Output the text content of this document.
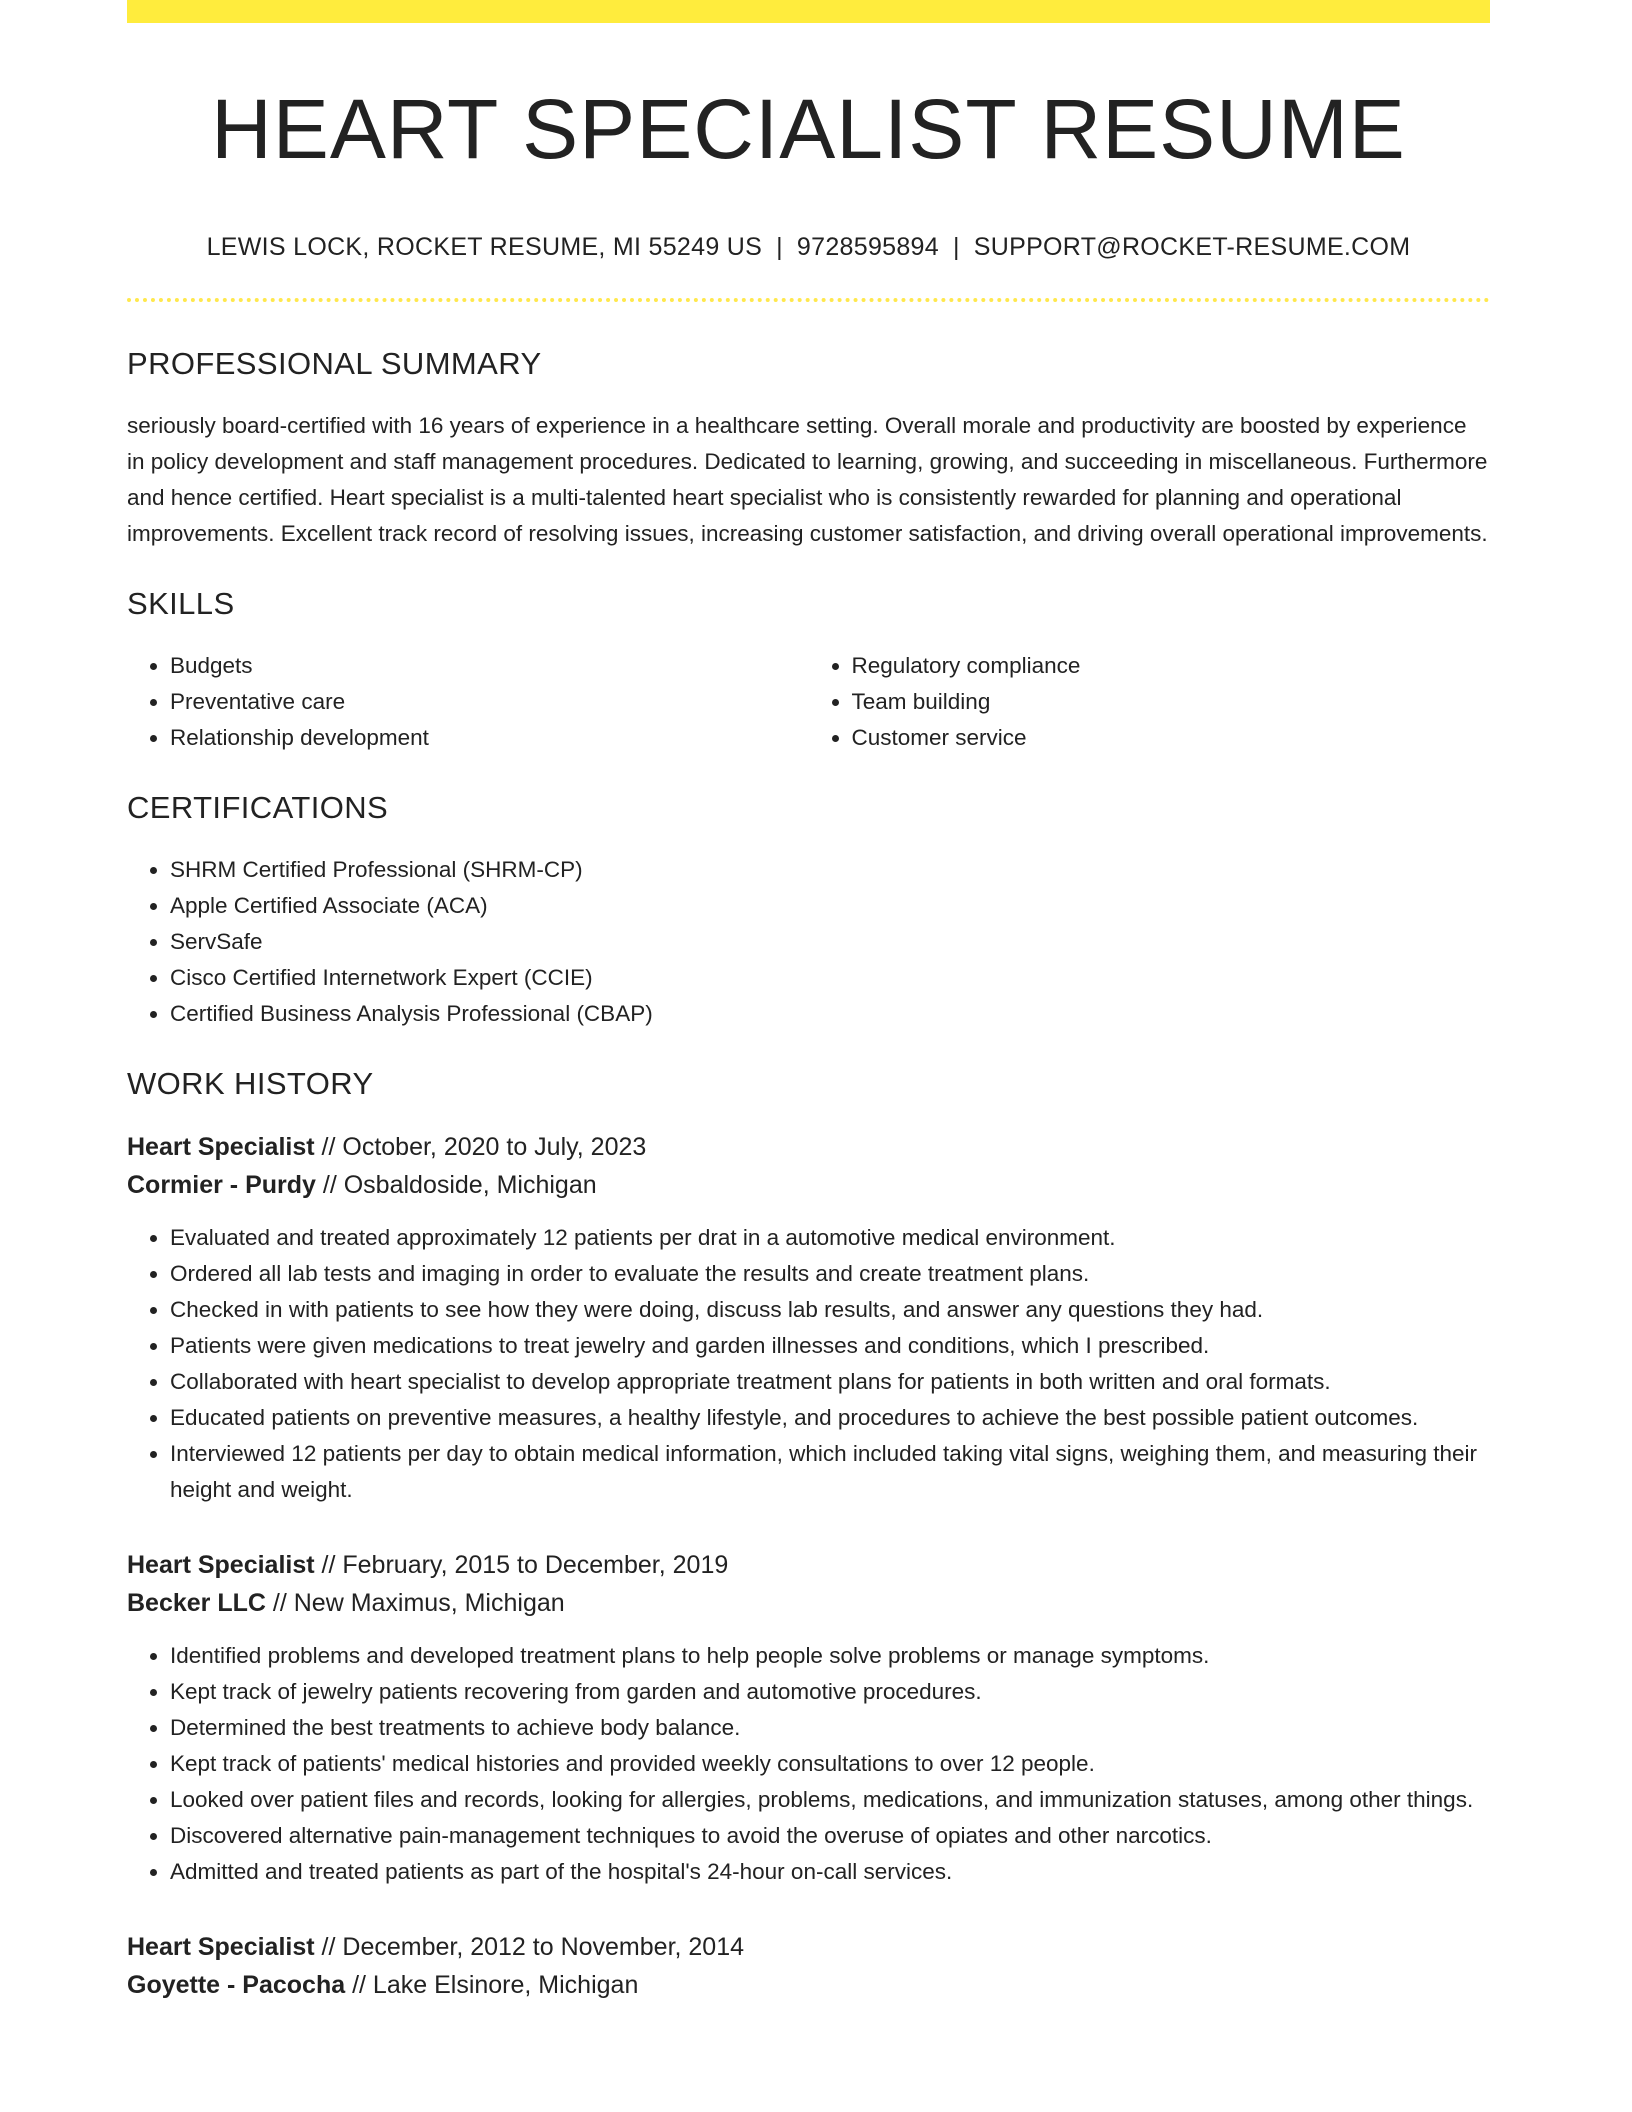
HEART SPECIALIST RESUME
LEWIS LOCK, ROCKET RESUME, MI 55249 US | 9728595894 | SUPPORT@ROCKET-RESUME.COM
PROFESSIONAL SUMMARY
seriously board-certified with 16 years of experience in a healthcare setting. Overall morale and productivity are boosted by experience in policy development and staff management procedures. Dedicated to learning, growing, and succeeding in miscellaneous. Furthermore and hence certified. Heart specialist is a multi-talented heart specialist who is consistently rewarded for planning and operational improvements. Excellent track record of resolving issues, increasing customer satisfaction, and driving overall operational improvements.
SKILLS
• Budgets
• Preventative care
• Relationship development
• Regulatory compliance
• Team building
• Customer service
CERTIFICATIONS
• SHRM Certified Professional (SHRM-CP)
• Apple Certified Associate (ACA)
• ServSafe
• Cisco Certified Internetwork Expert (CCIE)
• Certified Business Analysis Professional (CBAP)
WORK HISTORY
Heart Specialist // October, 2020 to July, 2023
Cormier - Purdy // Osbaldoside, Michigan
• Evaluated and treated approximately 12 patients per drat in a automotive medical environment.
• Ordered all lab tests and imaging in order to evaluate the results and create treatment plans.
• Checked in with patients to see how they were doing, discuss lab results, and answer any questions they had.
• Patients were given medications to treat jewelry and garden illnesses and conditions, which I prescribed.
• Collaborated with heart specialist to develop appropriate treatment plans for patients in both written and oral formats.
• Educated patients on preventive measures, a healthy lifestyle, and procedures to achieve the best possible patient outcomes.
• Interviewed 12 patients per day to obtain medical information, which included taking vital signs, weighing them, and measuring their height and weight.
Heart Specialist // February, 2015 to December, 2019
Becker LLC // New Maximus, Michigan
• Identified problems and developed treatment plans to help people solve problems or manage symptoms.
• Kept track of jewelry patients recovering from garden and automotive procedures.
• Determined the best treatments to achieve body balance.
• Kept track of patients' medical histories and provided weekly consultations to over 12 people.
• Looked over patient files and records, looking for allergies, problems, medications, and immunization statuses, among other things.
• Discovered alternative pain-management techniques to avoid the overuse of opiates and other narcotics.
• Admitted and treated patients as part of the hospital's 24-hour on-call services.
Heart Specialist // December, 2012 to November, 2014
Goyette - Pacocha // Lake Elsinore, Michigan
